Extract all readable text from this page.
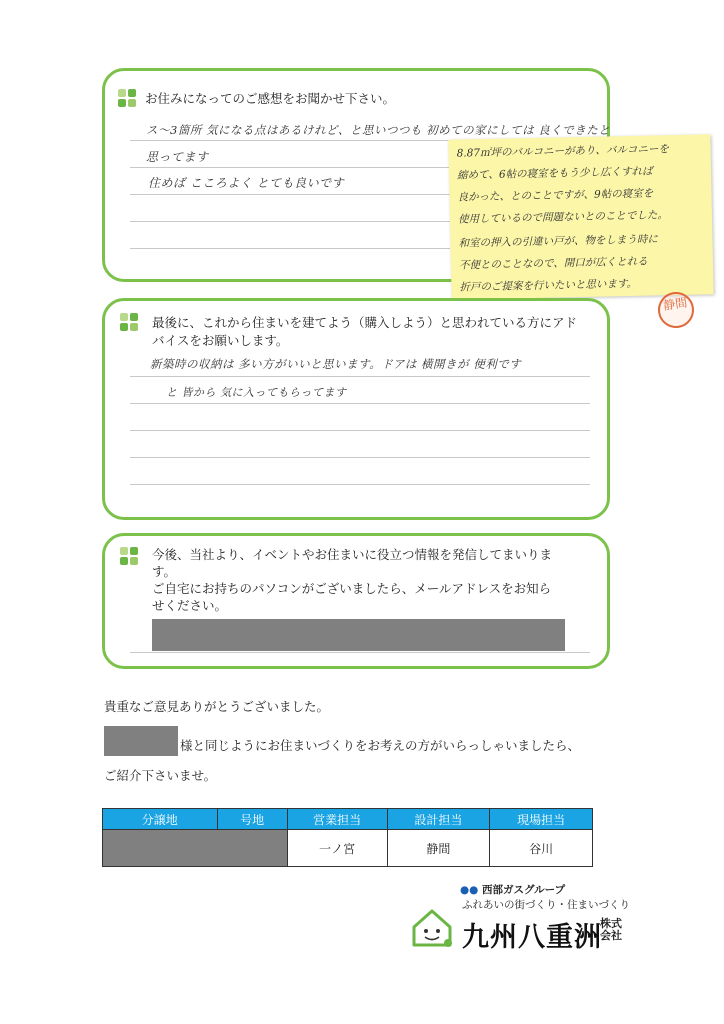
お住みになってのご感想をお聞かせ下さい。
ス〜3箇所 気になる点はあるけれど、と思いつつも 初めての家にしては 良くできたと
思ってます
住めば こころよく とても良いです
8.87㎡坪のバルコニーがあり、バルコニーを
縮めて、6帖の寝室をもう少し広くすれば
良かった、とのことですが、9帖の寝室を
使用しているので問題ないとのことでした。
和室の押入の引違い戸が、物をしまう時に
不便とのことなので、開口が広くとれる
折戸のご提案を行いたいと思います。
静間
最後に、これから住まいを建てよう（購入しよう）と思われている方にアド
バイスをお願いします。
新築時の収納は 多い方がいいと思います。ドアは 横開きが 便利です
と 皆から 気に入ってもらってます
今後、当社より、イベントやお住まいに役立つ情報を発信してまいりま
す。
ご自宅にお持ちのパソコンがございましたら、メールアドレスをお知ら
せください。
貴重なご意見ありがとうございました。
様と同じようにお住まいづくりをお考えの方がいらっしゃいましたら、
ご紹介下さいませ。
分譲地	号地	営業担当	設計担当	現場担当
		一ノ宮	静間	谷川
●● 西部ガスグループ
ふれあいの街づくり・住まいづくり
九州八重洲
株式
会社
